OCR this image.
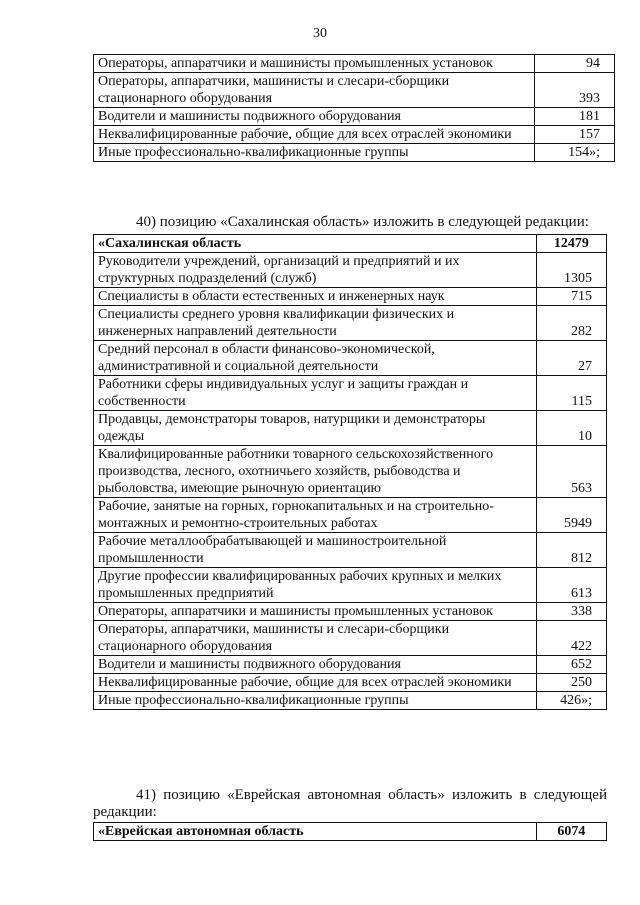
30
Операторы, аппаратчики и машинисты промышленных установок	94
Операторы, аппаратчики, машинисты и слесари-сборщики стационарного оборудования	393
Водители и машинисты подвижного оборудования	181
Неквалифицированные рабочие, общие для всех отраслей экономики	157
Иные профессионально-квалификационные группы	154»;
40) позицию «Сахалинская область» изложить в следующей редакции:
«Сахалинская область	12479
Руководители учреждений, организаций и предприятий и их структурных подразделений (служб)	1305
Специалисты в области естественных и инженерных наук	715
Специалисты среднего уровня квалификации физических и инженерных направлений деятельности	282
Средний персонал в области финансово-экономической, административной и социальной деятельности	27
Работники сферы индивидуальных услуг и защиты граждан и собственности	115
Продавцы, демонстраторы товаров, натурщики и демонстраторы одежды	10
Квалифицированные работники товарного сельскохозяйственного производства, лесного, охотничьего хозяйств, рыбоводства и рыболовства, имеющие рыночную ориентацию	563
Рабочие, занятые на горных, горнокапитальных и на строительно-монтажных и ремонтно-строительных работах	5949
Рабочие металлообрабатывающей и машиностроительной промышленности	812
Другие профессии квалифицированных рабочих крупных и мелких промышленных предприятий	613
Операторы, аппаратчики и машинисты промышленных установок	338
Операторы, аппаратчики, машинисты и слесари-сборщики стационарного оборудования	422
Водители и машинисты подвижного оборудования	652
Неквалифицированные рабочие, общие для всех отраслей экономики	250
Иные профессионально-квалификационные группы	426»;
41) позицию «Еврейская автономная область» изложить в следующей редакции:
«Еврейская автономная область	6074
